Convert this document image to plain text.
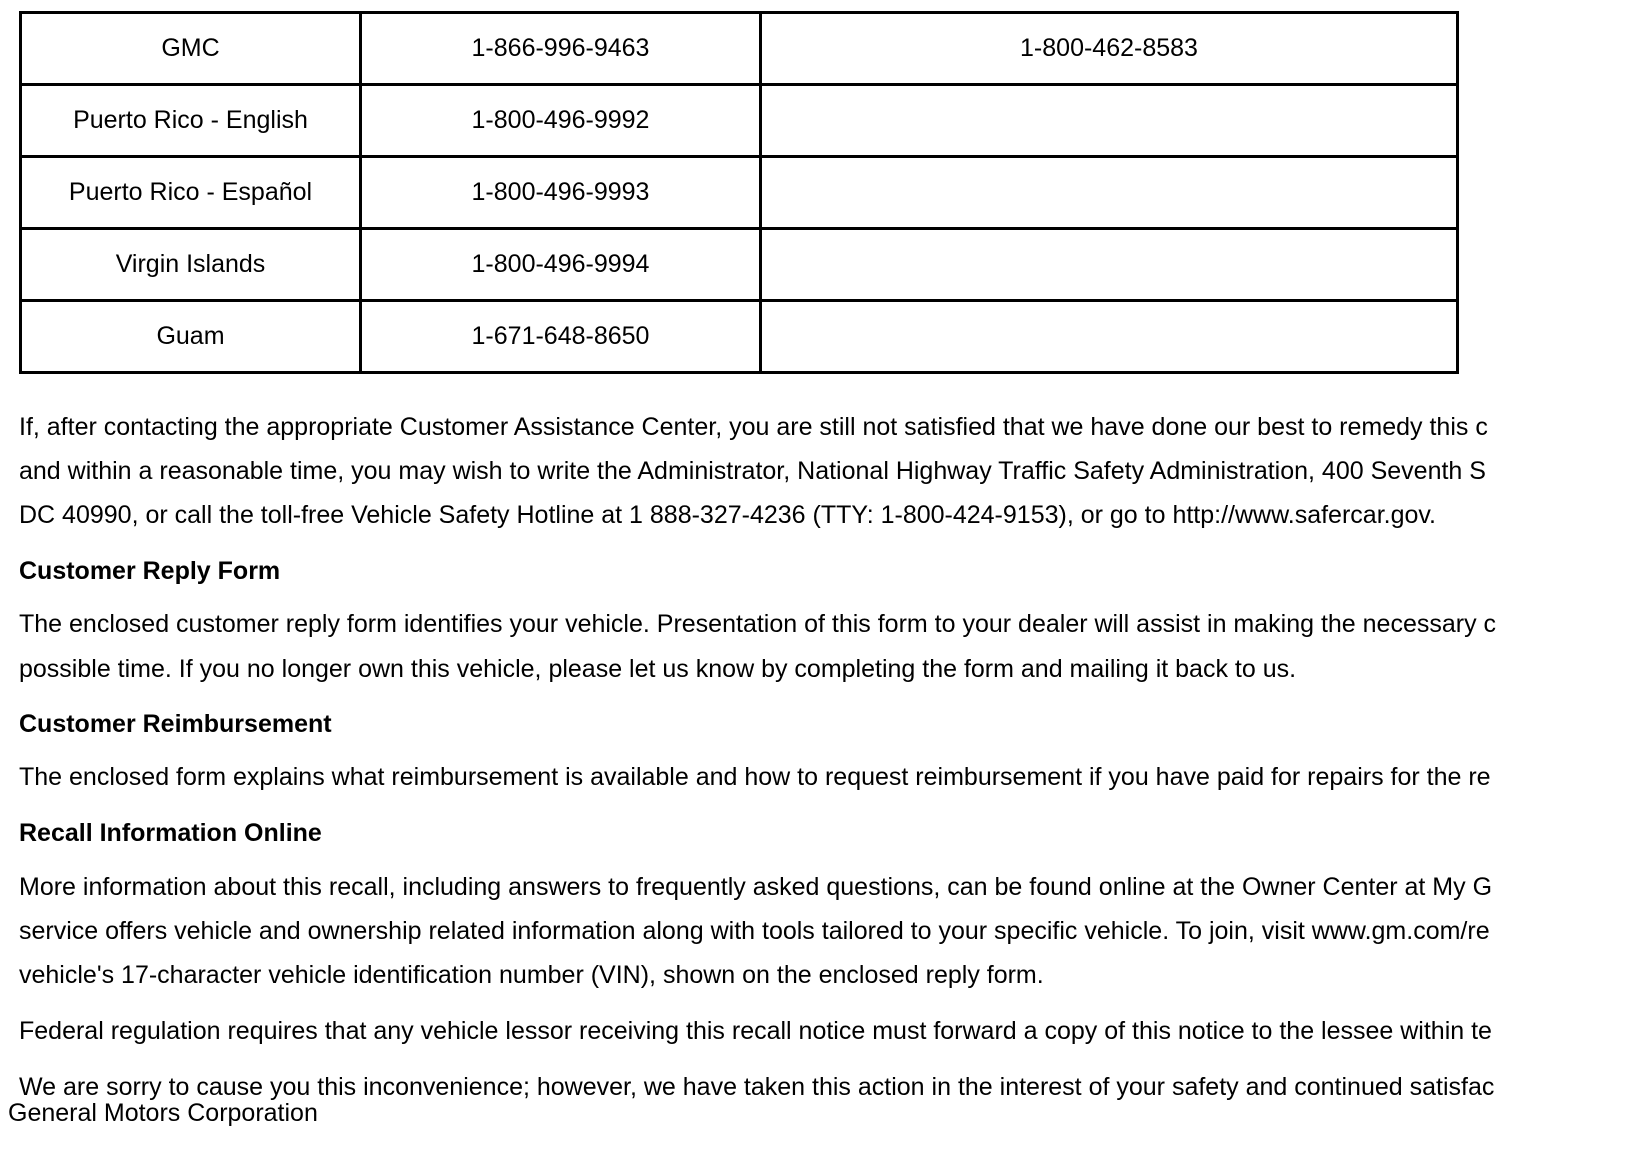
GMC	1-866-996-9463	1-800-462-8583
Puerto Rico - English	1-800-496-9992	
Puerto Rico - Español	1-800-496-9993	
Virgin Islands	1-800-496-9994	
Guam	1-671-648-8650	
If, after contacting the appropriate Customer Assistance Center, you are still not satisfied that we have done our best to remedy this c
and within a reasonable time, you may wish to write the Administrator, National Highway Traffic Safety Administration, 400 Seventh S
DC 40990, or call the toll-free Vehicle Safety Hotline at 1 888-327-4236 (TTY: 1-800-424-9153), or go to http://www.safercar.gov.
Customer Reply Form
The enclosed customer reply form identifies your vehicle. Presentation of this form to your dealer will assist in making the necessary c
possible time. If you no longer own this vehicle, please let us know by completing the form and mailing it back to us.
Customer Reimbursement
The enclosed form explains what reimbursement is available and how to request reimbursement if you have paid for repairs for the re
Recall Information Online
More information about this recall, including answers to frequently asked questions, can be found online at the Owner Center at My G
service offers vehicle and ownership related information along with tools tailored to your specific vehicle. To join, visit www.gm.com/re
vehicle's 17-character vehicle identification number (VIN), shown on the enclosed reply form.
Federal regulation requires that any vehicle lessor receiving this recall notice must forward a copy of this notice to the lessee within te
We are sorry to cause you this inconvenience; however, we have taken this action in the interest of your safety and continued satisfac
General Motors Corporation
